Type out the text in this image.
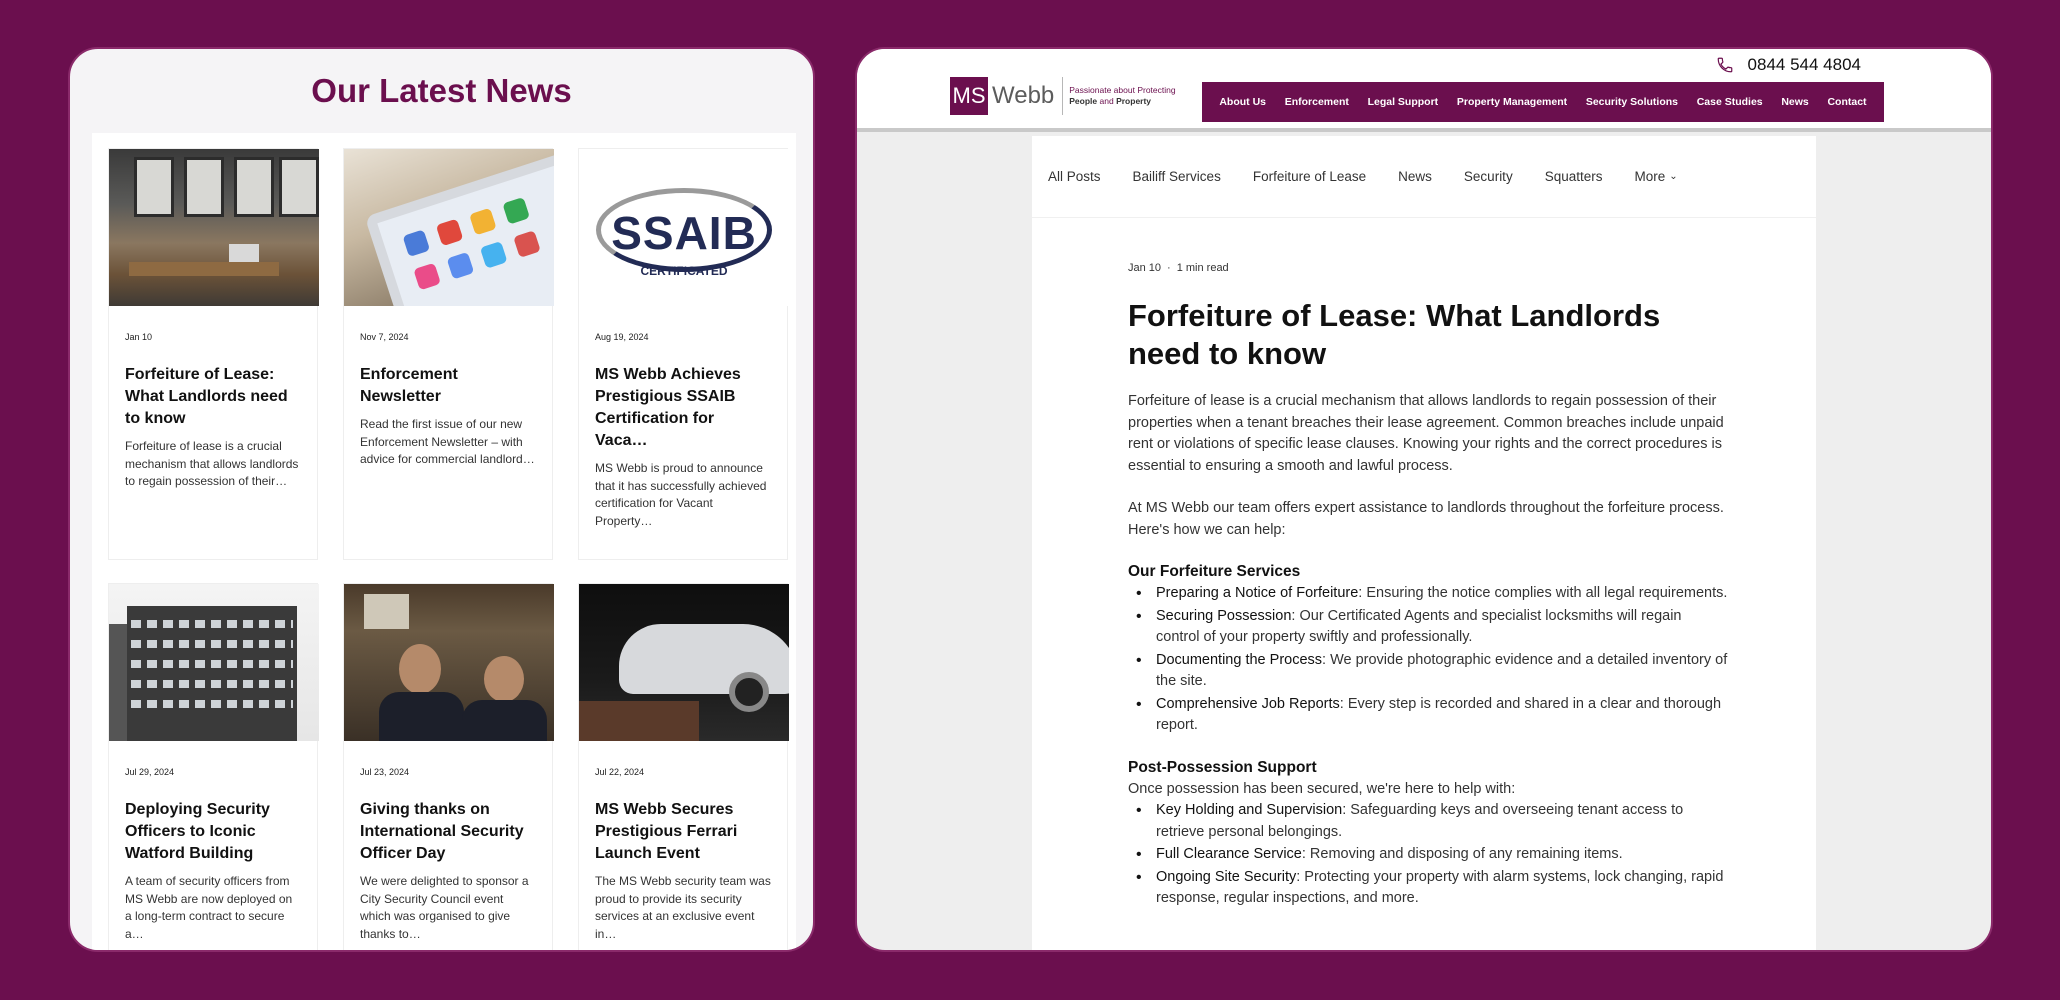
Our Latest News
Jan 10
Forfeiture of Lease: What Landlords need to know
Forfeiture of lease is a crucial mechanism that allows landlords to regain possession of their…
Nov 7, 2024
Enforcement Newsletter
Read the first issue of our new Enforcement Newsletter – with advice for commercial landlord…
SSAIB
CERTIFICATED
Aug 19, 2024
MS Webb Achieves Prestigious SSAIB Certification for Vaca…
MS Webb is proud to announce that it has successfully achieved certification for Vacant Property…
Jul 29, 2024
Deploying Security Officers to Iconic Watford Building
A team of security officers from MS Webb are now deployed on a long-term contract to secure a…
Jul 23, 2024
Giving thanks on International Security Officer Day
We were delighted to sponsor a City Security Council event which was organised to give thanks to…
Jul 22, 2024
MS Webb Secures Prestigious Ferrari Launch Event
The MS Webb security team was proud to provide its security services at an exclusive event in…
MS Webb Passionate about Protecting
People and Property
0844 544 4804
About Us Enforcement Legal Support Property Management Security Solutions Case Studies News Contact
All Posts Bailiff Services Forfeiture of Lease News Security Squatters More ⌄
Jan 10 · 1 min read
Forfeiture of Lease: What Landlords need to know

Forfeiture of lease is a crucial mechanism that allows landlords to regain possession of their properties when a tenant breaches their lease agreement. Common breaches include unpaid rent or violations of specific lease clauses. Knowing your rights and the correct procedures is essential to ensuring a smooth and lawful process.

At MS Webb our team offers expert assistance to landlords throughout the forfeiture process. Here's how we can help:

Our Forfeiture Services
• Preparing a Notice of Forfeiture: Ensuring the notice complies with all legal requirements.
• Securing Possession: Our Certificated Agents and specialist locksmiths will regain control of your property swiftly and professionally.
• Documenting the Process: We provide photographic evidence and a detailed inventory of the site.
• Comprehensive Job Reports: Every step is recorded and shared in a clear and thorough report.
Post-Possession Support

Once possession has been secured, we're here to help with:

• Key Holding and Supervision: Safeguarding keys and overseeing tenant access to retrieve personal belongings.
• Full Clearance Service: Removing and disposing of any remaining items.
• Ongoing Site Security: Protecting your property with alarm systems, lock changing, rapid response, regular inspections, and more.
